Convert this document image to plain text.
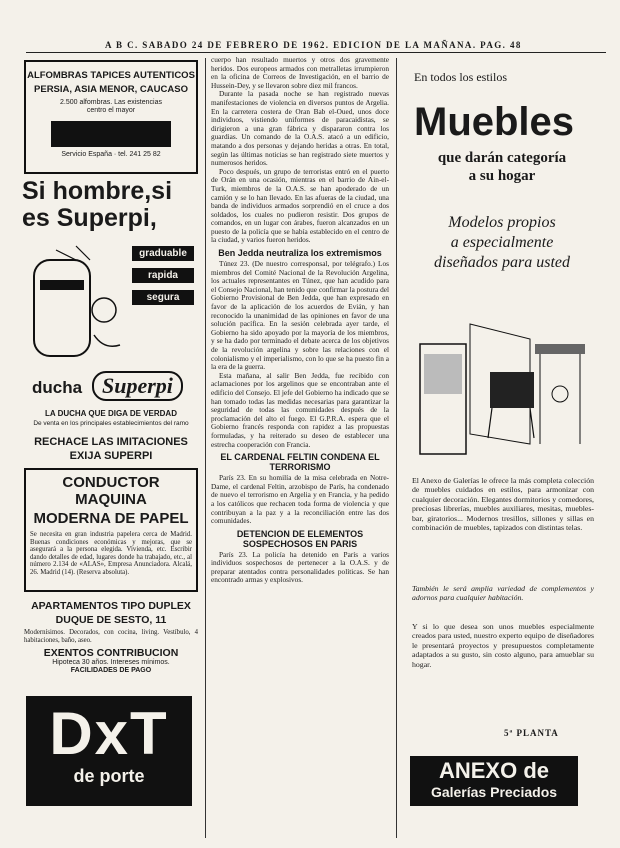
A B C. SABADO 24 DE FEBRERO DE 1962. EDICION DE LA MAÑANA. PAG. 48
ALFOMBRAS TAPICES AUTENTICOS
PERSIA, ASIA MENOR, CAUCASO
2.500 alfombras. Las existencias
centro el mayor
Servicio España · tel. 241 25 82
Si hombre,si
es Superpi,
graduable
rapida
segura
ducha Superpi
LA DUCHA QUE DIGA DE VERDAD
De venta en los principales establecimientos del ramo
RECHACE LAS IMITACIONES
EXIJA SUPERPI
CONDUCTOR MAQUINA
MODERNA DE PAPEL

Se necesita en gran industria papelera cerca de Madrid. Buenas condiciones económicas y mejoras, que se asegurará a la persona elegida. Vivienda, etc. Escribir dando detalles de edad, lugares donde ha trabajado, etc., al número 2.134 de «ALAS», Empresa Anunciadora. Alcalá, 26. Madrid (14). (Reserva absoluta).

APARTAMENTOS TIPO DUPLEX
DUQUE DE SESTO, 11

Modernísimos. Decorados, con cocina, living. Vestíbulo, 4 habitaciones, baño, aseo.

EXENTOS CONTRIBUCION
Hipoteca 30 años. Intereses mínimos.
FACILIDADES DE PAGO
DxT
de porte

cuerpo han resultado muertos y otros dos gravemente heridos. Dos europeos armados con metralletas irrumpieron en la oficina de Correos de Investigación, en el barrio de Hussein-Dey, y se llevaron sobre diez mil francos.

Durante la pasada noche se han registrado nuevas manifestaciones de violencia en diversos puntos de Argelia. En la carretera costera de Oran Bab el-Oued, unos doce individuos, vistiendo uniformes de paracaidistas, se dirigieron a una gran fábrica y dispararon contra los guardias. Un comando de la O.A.S. atacó a un edificio, matando a dos personas y dejando heridas a otras. En total, según las últimas noticias se han registrado siete muertos y numerosos heridos.

Poco después, un grupo de terroristas entró en el puerto de Orán en una ocasión, mientras en el barrio de Ain-el-Turk, miembros de la O.A.S. se han apoderado de un camión y se lo han llevado. En las afueras de la ciudad, una banda de individuos armados sorprendió en el cruce a dos soldados, los cuales no pudieron resistir. Dos grupos de comandos, en un lugar con árabes, fueron alcanzados en un puesto de la policía que se había establecido en el centro de la ciudad, y varios fueron heridos.

Ben Jedda neutraliza los extremismos

Túnez 23. (De nuestro corresponsal, por telégrafo.) Los miembros del Comité Nacional de la Revolución Argelina, los actuales representantes en Túnez, que han acudido para el Consejo Nacional, han tenido que confirmar la postura del Gobierno Provisional de Ben Jedda, que han expresado en favor de la aplicación de los acuerdos de Evián, y han reconocido la unanimidad de las opiniones en favor de una solución pacífica. En la sesión celebrada ayer tarde, el Gobierno ha sido apoyado por la mayoría de los miembros, y se ha dado por terminado el debate acerca de los objetivos de la revolución argelina y sobre las relaciones con el colonialismo y el imperialismo, con lo que se ha puesto fin a la era de la guerra.

Esta mañana, al salir Ben Jedda, fue recibido con aclamaciones por los argelinos que se encontraban ante el edificio del Consejo. El jefe del Gobierno ha indicado que se han tomado todas las medidas necesarias para garantizar la seguridad de todas las comunidades después de la proclamación del alto el fuego. El G.P.R.A. espera que el Gobierno francés responda con rapidez a las propuestas formuladas, y ha reiterado su deseo de establecer una estrecha cooperación con Francia.

EL CARDENAL FELTIN CONDENA EL TERRORISMO

París 23. En su homilía de la misa celebrada en Notre-Dame, el cardenal Feltin, arzobispo de París, ha condenado de nuevo el terrorismo en Argelia y en Francia, y ha pedido a los católicos que rechacen toda forma de violencia y que contribuyan a la paz y a la reconciliación entre las dos comunidades.

DETENCION DE ELEMENTOS SOSPECHOSOS EN PARIS

París 23. La policía ha detenido en París a varios individuos sospechosos de pertenecer a la O.A.S. y de preparar atentados contra personalidades políticas. Se han encontrado armas y explosivos.

En todos los estilos
Muebles
que darán categoría
a su hogar
Modelos propios
a especialmente
diseñados para usted

El Anexo de Galerías le ofrece la más completa colección de muebles cuidados en estilos, para armonizar con cualquier decoración. Elegantes dormitorios y comedores, preciosas librerías, muebles auxiliares, mesitas, muebles-bar, giratorios... Modernos tresillos, sillones y sillas en combinación de muebles, tapizados con distintas telas.

También le será amplia variedad de complementos y adornos para cualquier habitación.

Y si lo que desea son unos muebles especialmente creados para usted, nuestro experto equipo de diseñadores le presentará proyectos y presupuestos completamente adaptados a su gusto, sin costo alguno, para amueblar su hogar.

5ª PLANTA
ANEXO de
Galerías Preciados
